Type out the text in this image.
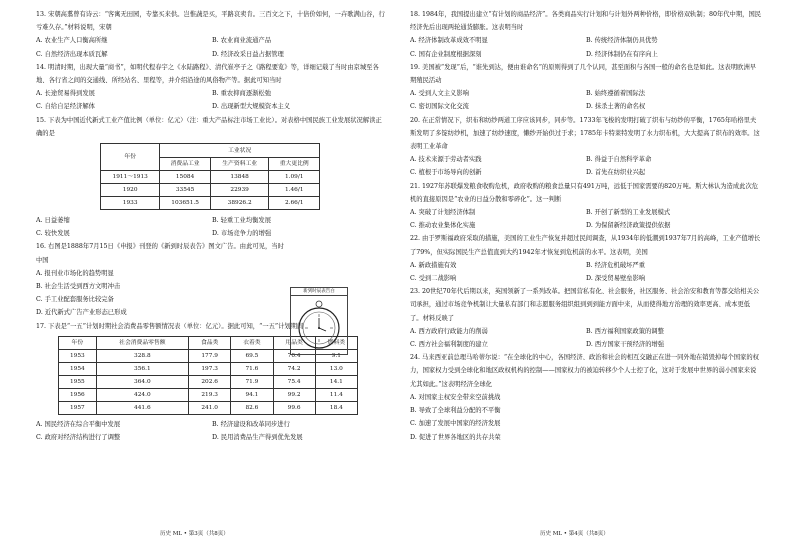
13. 宋朝高翥曾有诗云：“客寓无田园，专靠买来供。岂惟蔬是买，平路哀卖肯。三百文之下，十倍价如何，一卉歌满山谷，行亏难久存。”材料说明，宋朝

A. 农业生产人口衡高所继	B. 农业商业流通产品
C. 自然经济出现本质瓦解	D. 经济改采日益占据管理

14. 明清时期，出现大量“商书”，如明代程春宇之《水陆路程》、清代崔亭子之《路程要览》等，详细记载了当时由京城至各地、各行省之间的交通线、所经站名、里程等，并介绍沿途的风俗物产等。据此可知当时

A. 长途贸易得到发展	B. 重农抑商逐渐松弛
C. 自给自足经济解体	D. 出现新型大规模资本主义

15. 下表为中国近代新式工业产值比例（单位：亿元）（注：重大产品标注市场工业比）。对表格中国民族工业发展状况解读正确的是

年份	工业状况		
	消费品工业	生产资料工业	重大更比例
1911～1913	15084	13848	1.09/1
1920	33545	22939	1.46/1
1933	103651.5	38926.2	2.66/1
A. 日益萎缩	B. 轻重工业均衡发展
C. 较快发展	D. 市场竞争力的增强

16. 右图是1888年7月15日《申报》刊登的《新到时辰表告》图文广告。由此可见，当时中国

A. 报刊业市场化的趋势明显
B. 社会生活受到西方文明冲击
C. 手工业配套服务比较完备
D. 近代新式广告产业形态已形成

17. 下表是“一五”计划时期社会消费品零售额情况表（单位：亿元）。据此可知，“一五”计划期间

年份	社会消费品零售额	食品类	衣着类	用品类	燃料类
1953	328.8	177.9	69.5	70.4	9.1
1954	356.1	197.3	71.6	74.2	13.0
1955	364.0	202.6	71.9	75.4	14.1
1956	424.0	219.3	94.1	99.2	11.4
1957	441.6	241.0	82.6	99.6	18.4
A. 国民经济在综合平衡中发展	B. 经济建设和改革同步进行
C. 政府对经济结构进行了调整	D. 民用消费品生产得到优先发展
新到时辰表告白

18. 1984年，我国提出建立“有计划的商品经济”。各类商品实行计划和与计划外两种价格，即价格双轨制；80年代中期，国民经济先后出现两轮通货膨胀。这表明当时

A. 经济体制改革成效不明显	B. 传统经济体制仍具优势
C. 国有企业制度根据深刻	D. 经济体制仍在有序向上

19. 美国被“发现”后，“谁先到达，便由谁命名”的原则得到了几个认同，甚至面积与各国一般的命名也是如此。这表明欧洲早期殖民活动

A. 受到人文主义影响	B. 始终遵循着国际法
C. 密切国际文化交流	D. 抹杀土著的命名权

20. 在正常情况下，织布和纺纱两道工序应该同步，同步等。1733年飞梭的发明打破了织布与纺纱的平衡，1765年哈格里夫斯发明了多锭纺纱机，加速了纺纱速度，懒纱开始供过于求；1785年卡特莱特发明了水力织布机，大大提高了织布的效率。这表明工业革命

A. 技术来源于劳动者实践	B. 得益于自然科学革命
C. 植根于市场导向的创新	D. 首先在纺织业兴起

21. 1927年苏联爆发粮食收购危机，政府收购的粮食总量只有491万吨，远低于国家需要的820万吨。斯大林认为造成此次危机的直接原因是“农业的日益分散和零碎化”。这一判断

A. 突破了计划经济体制	B. 开创了新型的工业发展模式
C. 推动农业集体化实施	D. 为保留新经济政策提供依据

22. 由于罗斯福政府采取的措施，美国的工业生产恢复并超过民间调查，从1934年的低潮到1937年7月的高峰，工业产值增长了79%，但实际国民生产总值直到大约1942年才恢复到危机前的水平。这表明，美国

A. 新政措施有效	B. 经济危机破坏严重
C. 受到二战影响	D. 深受贸易壁垒影响

23. 20世纪70年代后期以来，英国领新了一系列改革。把国营私有化、社会服务，社区服务、社会治安和教育等都交给相关公司承担，通过市场竞争机制让大量私有部门和志愿服务组织组到到到能方面中来，从而使得地方治理的效率更高、成本更低了。材料反映了

A. 西方政府行政能力的削弱	B. 西方福利国家政策的调整
C. 西方社会福利制度的建立	D. 西方国家干预经济的增强

24. 马来西亚前总理马哈蒂尔说：“在全球化的中心，各国经济、政治和社会的相互交融正在进一同外地在销毁掉每个国家的权力，国家权力受到全球化和地区政权机构的控制——国家权力的被迫转移少个人士控了化，这对于发展中世界的弱小国家来说尤其如此。”这表明经济全球化

A. 对国家主权安全带来空前挑战
B. 导致了全球利益分配的不平衡
C. 加速了发展中国家的经济发展
D. 促进了世界各地区的共存共荣
历史 ML • 第3页（共8页）	历史 ML • 第4页（共8页）
